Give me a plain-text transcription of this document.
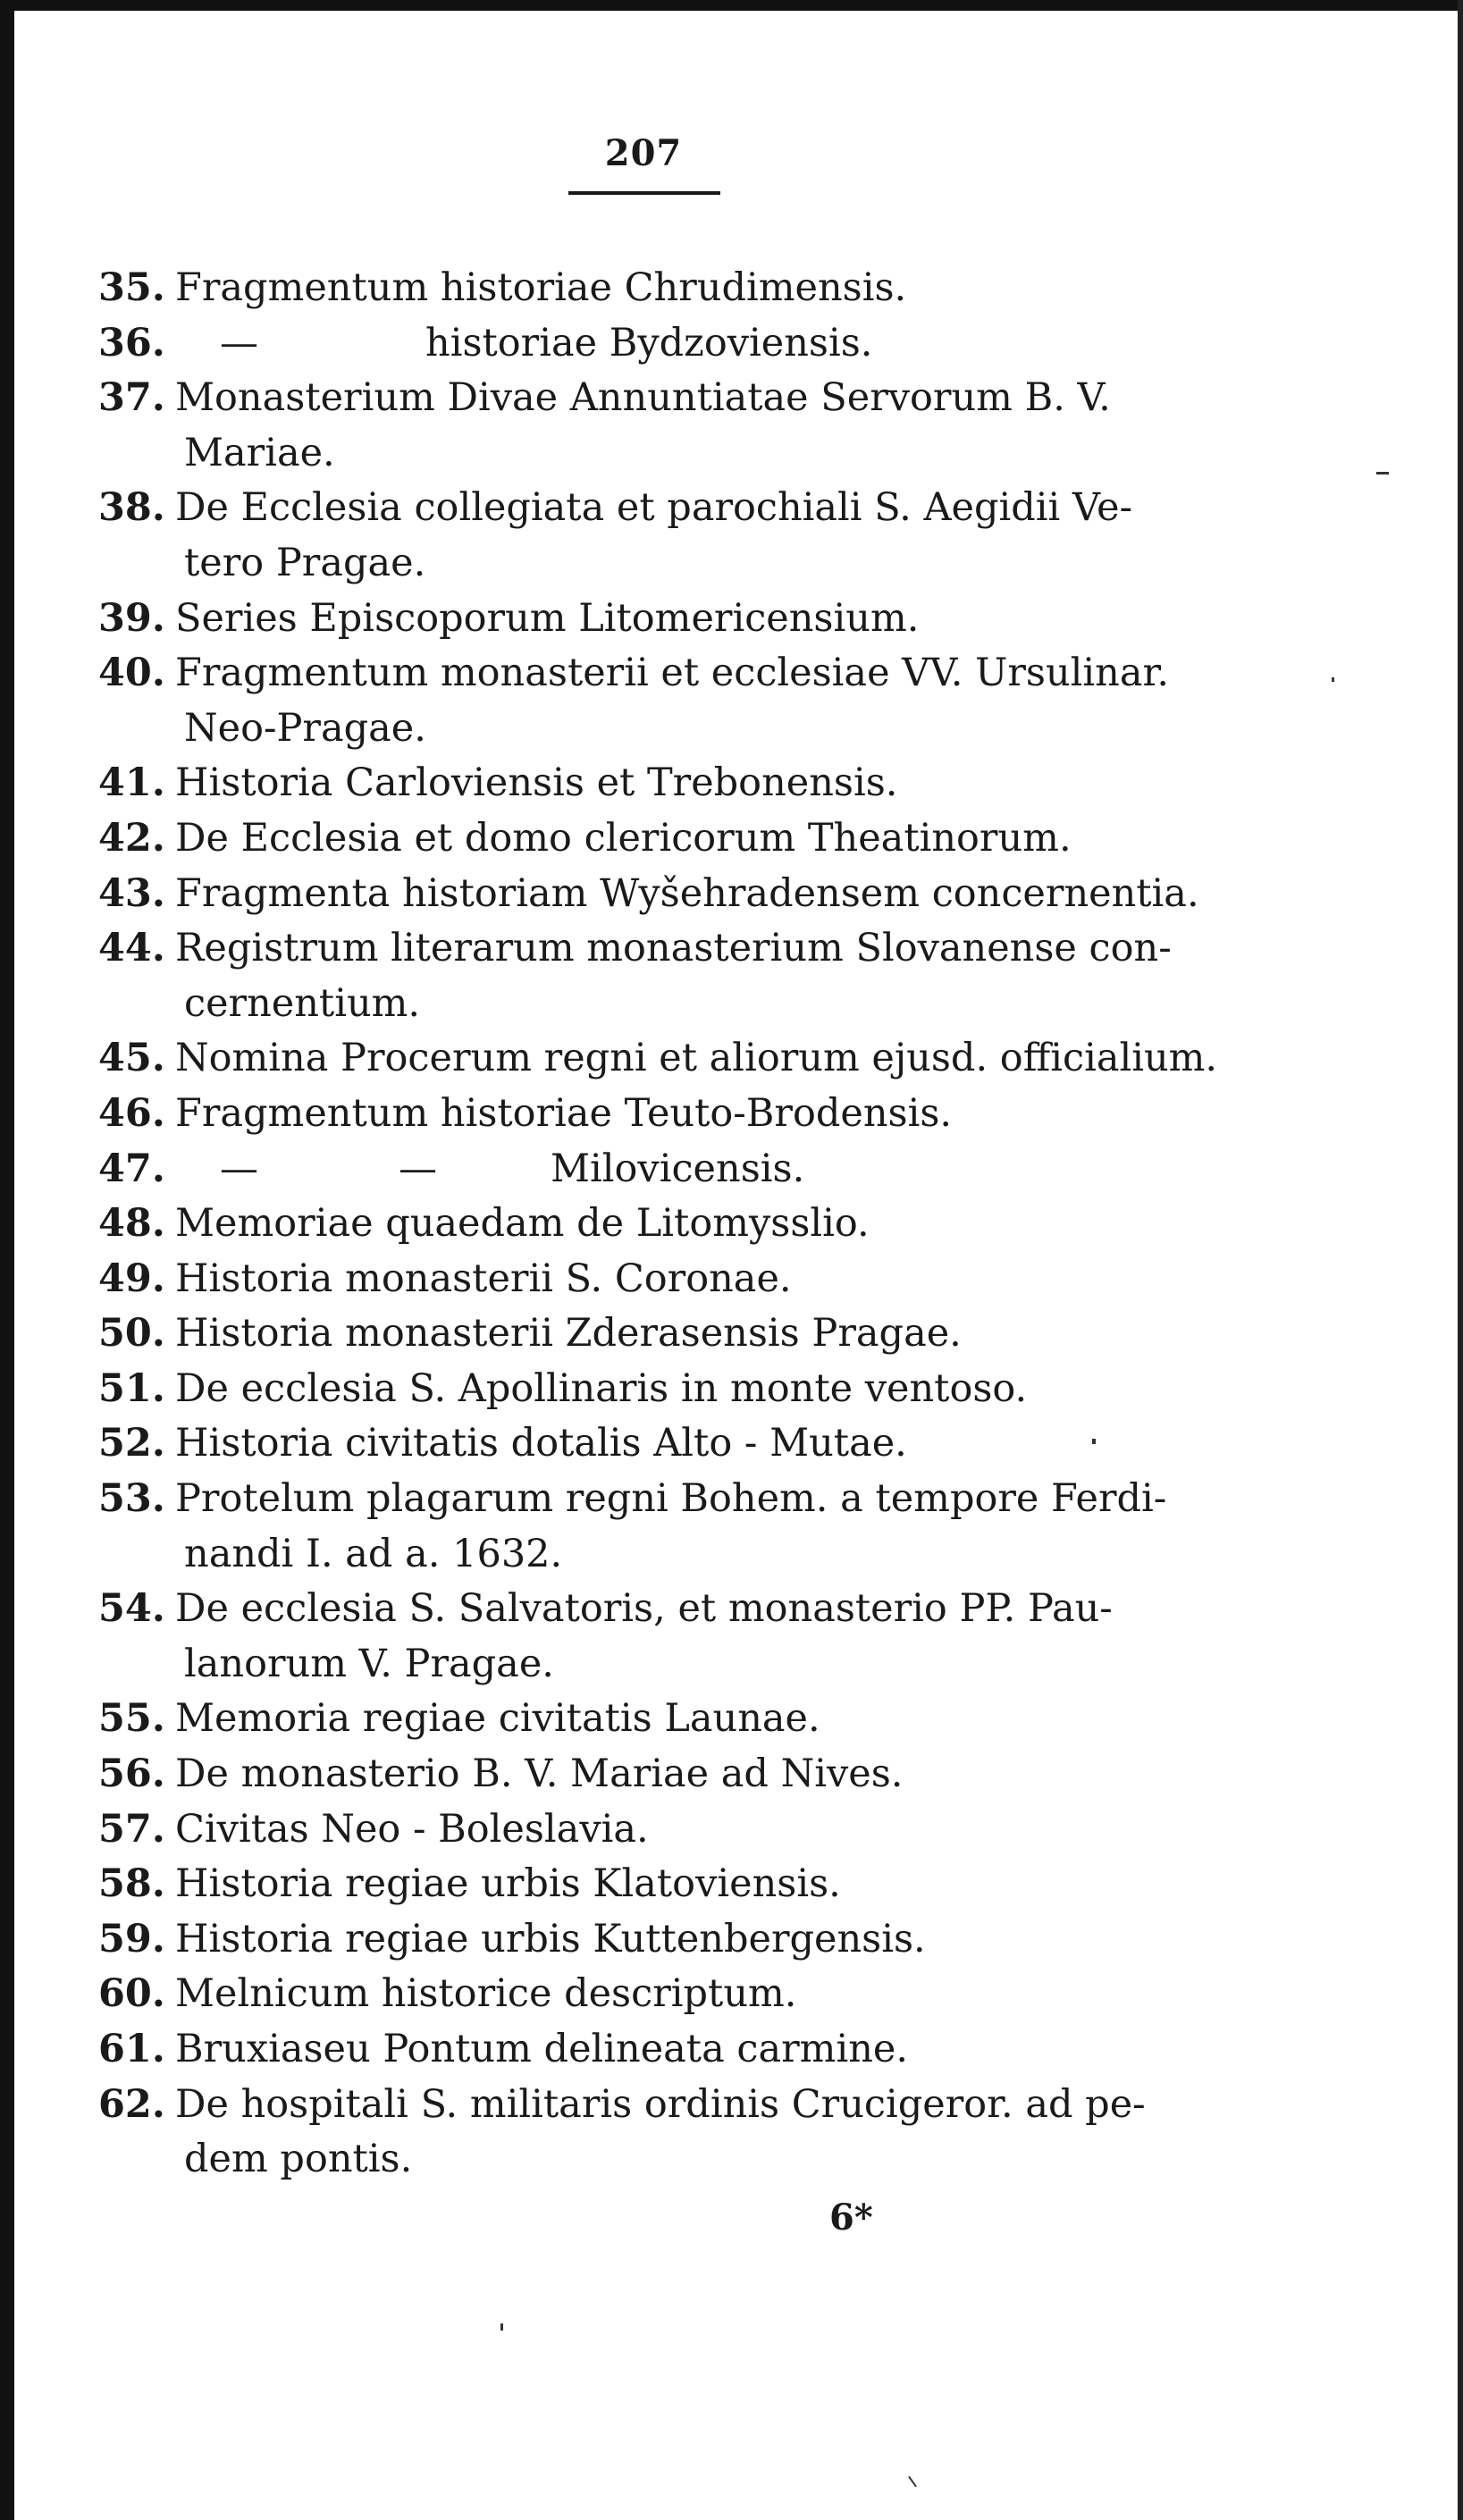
207
35. Fragmentum historiae Chrudimensis.
36.	—	historiae Bydzoviensis.
37. Monasterium Divae Annuntiatae Servorum B. V.
Mariae.
38. De Ecclesia collegiata et parochiali S. Aegidii Ve-
tero Pragae.
39. Series Episcoporum Litomericensium.
40. Fragmentum monasterii et ecclesiae VV. Ursulinar.
Neo-Pragae.
41. Historia Carloviensis et Trebonensis.
42. De Ecclesia et domo clericorum Theatinorum.
43. Fragmenta historiam Wyšehradensem concernentia.
44. Registrum literarum monasterium Slovanense con-
cernentium.
45. Nomina Procerum regni et aliorum ejusd. officialium.
46. Fragmentum historiae Teuto-Brodensis.
47.	—	—	Milovicensis.
48. Memoriae quaedam de Litomysslio.
49. Historia monasterii S. Coronae.
50. Historia monasterii Zderasensis Pragae.
51. De ecclesia S. Apollinaris in monte ventoso.
52. Historia civitatis dotalis Alto - Mutae.
53. Protelum plagarum regni Bohem. a tempore Ferdi-
nandi I. ad a. 1632.
54. De ecclesia S. Salvatoris, et monasterio PP. Pau-
lanorum V. Pragae.
55. Memoria regiae civitatis Launae.
56. De monasterio B. V. Mariae ad Nives.
57. Civitas Neo - Boleslavia.
58. Historia regiae urbis Klatoviensis.
59. Historia regiae urbis Kuttenbergensis.
60. Melnicum historice descriptum.
61. Bruxiaseu Pontum delineata carmine.
62. De hospitali S. militaris ordinis Crucigeror. ad pe-
dem pontis.
6*
